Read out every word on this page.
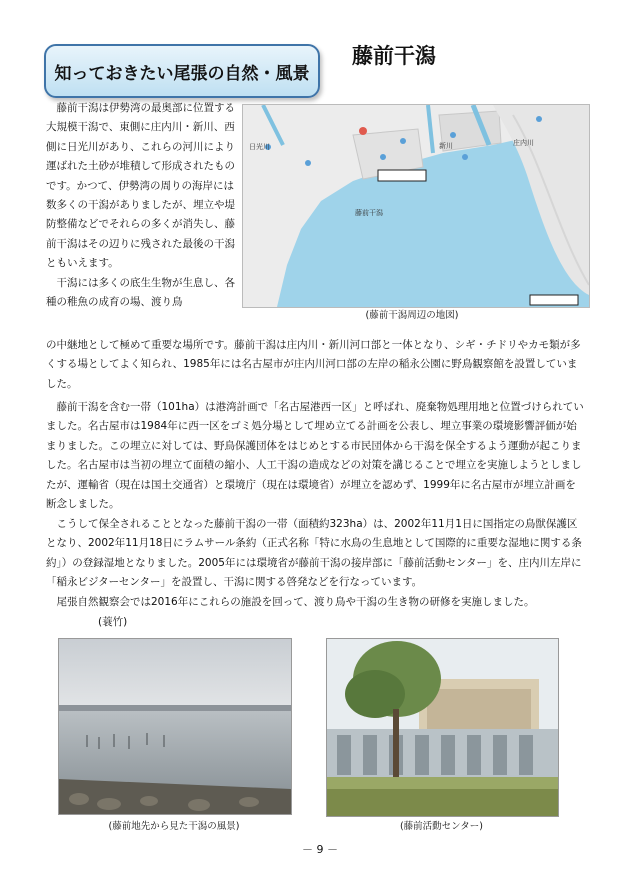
知っておきたい尾張の自然・風景
藤前干潟
日光川	新川	庄内川
藤前干潟
(藤前干潟周辺の地図)

　藤前干潟は伊勢湾の最奥部に位置する大規模干潟で、東側に庄内川・新川、西側に日光川があり、これらの河川により運ばれた土砂が堆積して形成されたものです。かつて、伊勢湾の周りの海岸には数多くの干潟がありましたが、埋立や堤防整備などでそれらの多くが消失し、藤前干潟はその辺りに残された最後の干潟ともいえます。
　干潟には多くの底生生物が生息し、各種の稚魚の成育の場、渡り鳥

の中継地として極めて重要な場所です。藤前干潟は庄内川・新川河口部と一体となり、シギ・チドリやカモ類が多くする場としてよく知られ、1985年には名古屋市が庄内川河口部の左岸の稲永公園に野鳥観察館を設置していました。

　藤前干潟を含む一帯（101ha）は港湾計画で「名古屋港西一区」と呼ばれ、廃棄物処理用地と位置づけられていました。名古屋市は1984年に西一区をゴミ処分場として埋め立てる計画を公表し、埋立事業の環境影響評価が始まりました。この埋立に対しては、野鳥保護団体をはじめとする市民団体から干潟を保全するよう運動が起こりました。名古屋市は当初の埋立て面積の縮小、人工干潟の造成などの対策を講じることで埋立を実施しようとしましたが、運輸省（現在は国土交通省）と環境庁（現在は環境省）が埋立を認めず、1999年に名古屋市が埋立計画を断念しました。

　こうして保全されることとなった藤前干潟の一帯（面積約323ha）は、2002年11月1日に国指定の鳥獣保護区となり、2002年11月18日にラムサール条約（正式名称「特に水鳥の生息地として国際的に重要な湿地に関する条約」）の登録湿地となりました。2005年には環境省が藤前干潟の接岸部に「藤前活動センター」を、庄内川左岸に「稲永ビジターセンター」を設置し、干潟に関する啓発などを行なっています。

　尾張自然観察会では2016年にこれらの施設を回って、渡り鳥や干潟の生き物の研修を実施しました。

(蓑竹)
(藤前地先から見た干潟の風景)	(藤前活動センター)
－ 9 －
